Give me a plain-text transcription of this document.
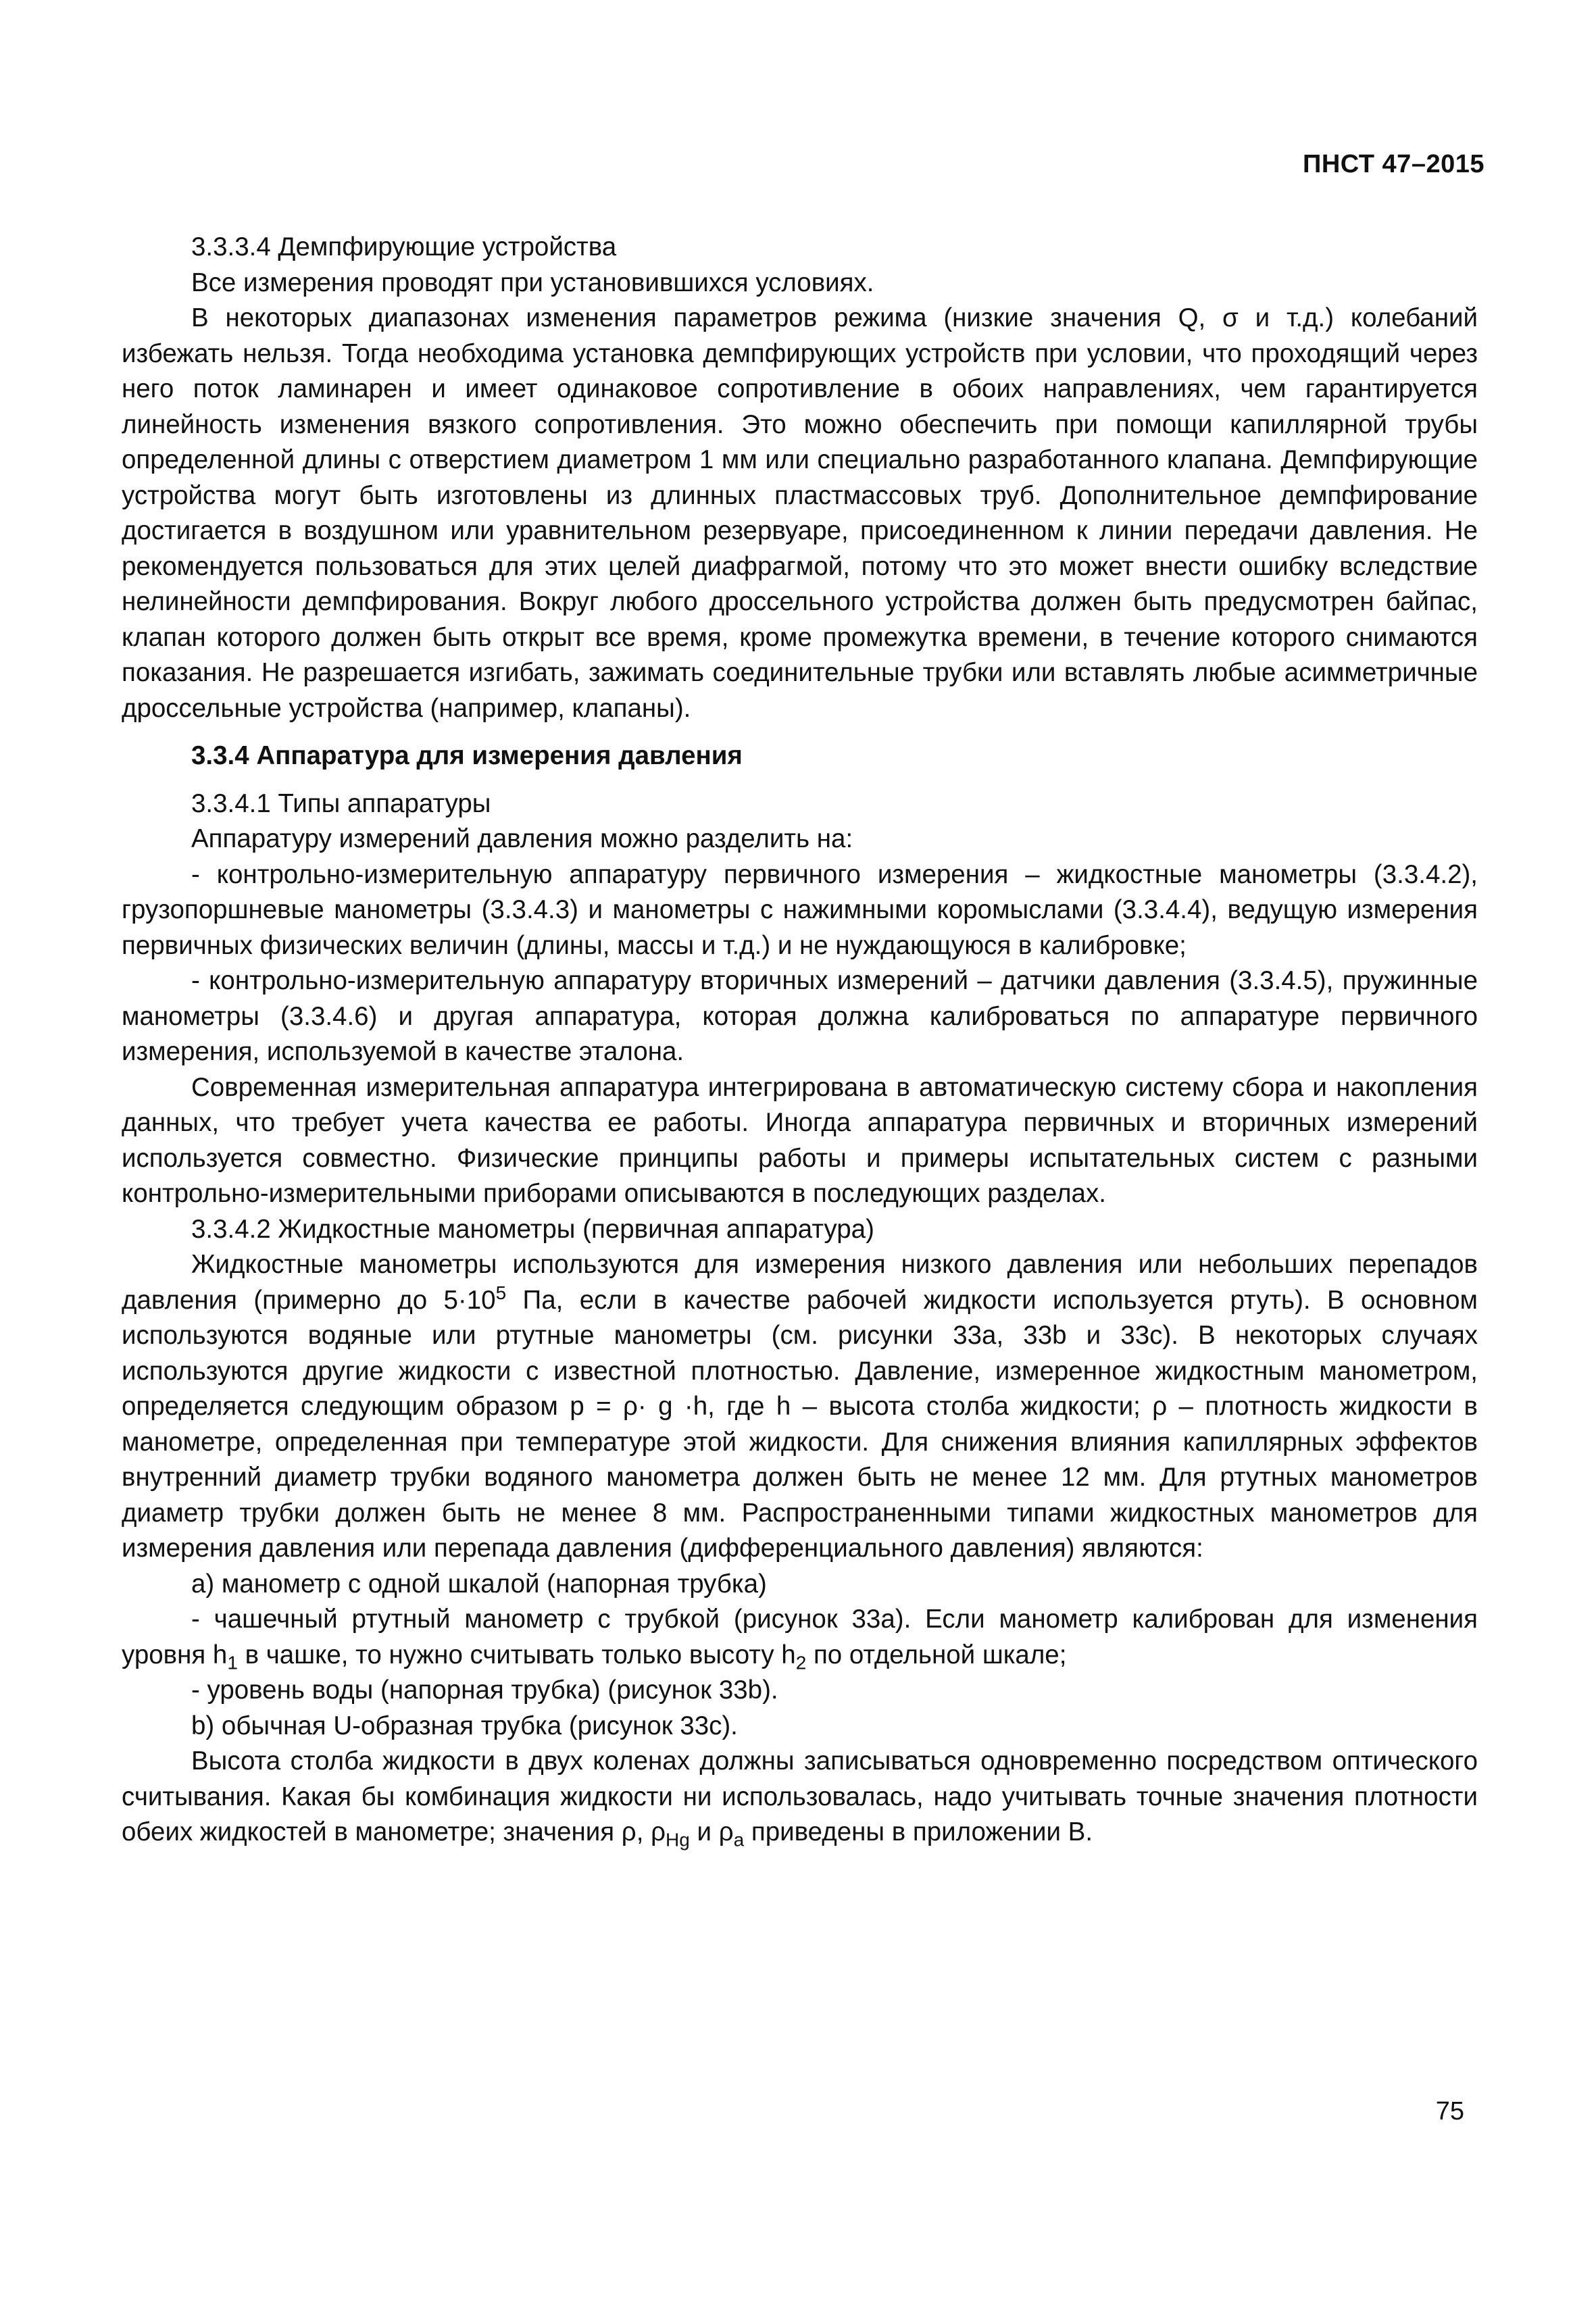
ПНСТ 47–2015

3.3.3.4 Демпфирующие устройства

Все измерения проводят при установившихся условиях.

В некоторых диапазонах изменения параметров режима (низкие значения Q, σ и т.д.) колебаний избежать нельзя. Тогда необходима установка демпфирующих устройств при условии, что проходящий через него поток ламинарен и имеет одинаковое сопротивление в обоих направлениях, чем гарантируется линейность изменения вязкого сопротивления. Это можно обеспечить при помощи капиллярной трубы определенной длины с отверстием диаметром 1 мм или специально разработанного клапана. Демпфирующие устройства могут быть изготовлены из длинных пластмассовых труб. Дополнительное демпфирование достигается в воздушном или уравнительном резервуаре, присоединенном к линии передачи давления. Не рекомендуется пользоваться для этих целей диафрагмой, потому что это может внести ошибку вследствие нелинейности демпфирования. Вокруг любого дроссельного устройства должен быть предусмотрен байпас, клапан которого должен быть открыт все время, кроме промежутка времени, в течение которого снимаются показания. Не разрешается изгибать, зажимать соединительные трубки или вставлять любые асимметричные дроссельные устройства (например, клапаны).

3.3.4 Аппаратура для измерения давления

3.3.4.1 Типы аппаратуры

Аппаратуру измерений давления можно разделить на:

- контрольно-измерительную аппаратуру первичного измерения – жидкостные манометры (3.3.4.2), грузопоршневые манометры (3.3.4.3) и манометры с нажимными коромыслами (3.3.4.4), ведущую измерения первичных физических величин (длины, массы и т.д.) и не нуждающуюся в калибровке;

- контрольно-измерительную аппаратуру вторичных измерений – датчики давления (3.3.4.5), пружинные манометры (3.3.4.6) и другая аппаратура, которая должна калиброваться по аппаратуре первичного измерения, используемой в качестве эталона.

Современная измерительная аппаратура интегрирована в автоматическую систему сбора и накопления данных, что требует учета качества ее работы. Иногда аппаратура первичных и вторичных измерений используется совместно. Физические принципы работы и примеры испытательных систем с разными контрольно-измерительными приборами описываются в последующих разделах.

3.3.4.2 Жидкостные манометры (первичная аппаратура)

Жидкостные манометры используются для измерения низкого давления или небольших перепадов давления (примерно до $5\cdot 10^5$ Па, если в качестве рабочей жидкости используется ртуть). В основном используются водяные или ртутные манометры (см. рисунки 33a, 33b и 33c). В некоторых случаях используются другие жидкости с известной плотностью. Давление, измеренное жидкостным манометром, определяется следующим образом p = ρ· g ·h, где h – высота столба жидкости; ρ – плотность жидкости в манометре, определенная при температуре этой жидкости. Для снижения влияния капиллярных эффектов внутренний диаметр трубки водяного манометра должен быть не менее 12 мм. Для ртутных манометров диаметр трубки должен быть не менее 8 мм. Распространенными типами жидкостных манометров для измерения давления или перепада давления (дифференциального давления) являются:

a) манометр с одной шкалой (напорная трубка)

- чашечный ртутный манометр с трубкой (рисунок 33a). Если манометр калиброван для изменения уровня $h_1$ в чашке, то нужно считывать только высоту $h_2$ по отдельной шкале;

- уровень воды (напорная трубка) (рисунок 33b).

b) обычная U-образная трубка (рисунок 33c).

Высота столба жидкости в двух коленах должны записываться одновременно посредством оптического считывания. Какая бы комбинация жидкости ни использовалась, надо учитывать точные значения плотности обеих жидкостей в манометре; значения ρ, $\rho_{Hg}$ и $\rho_a$ приведены в приложении B.

75
